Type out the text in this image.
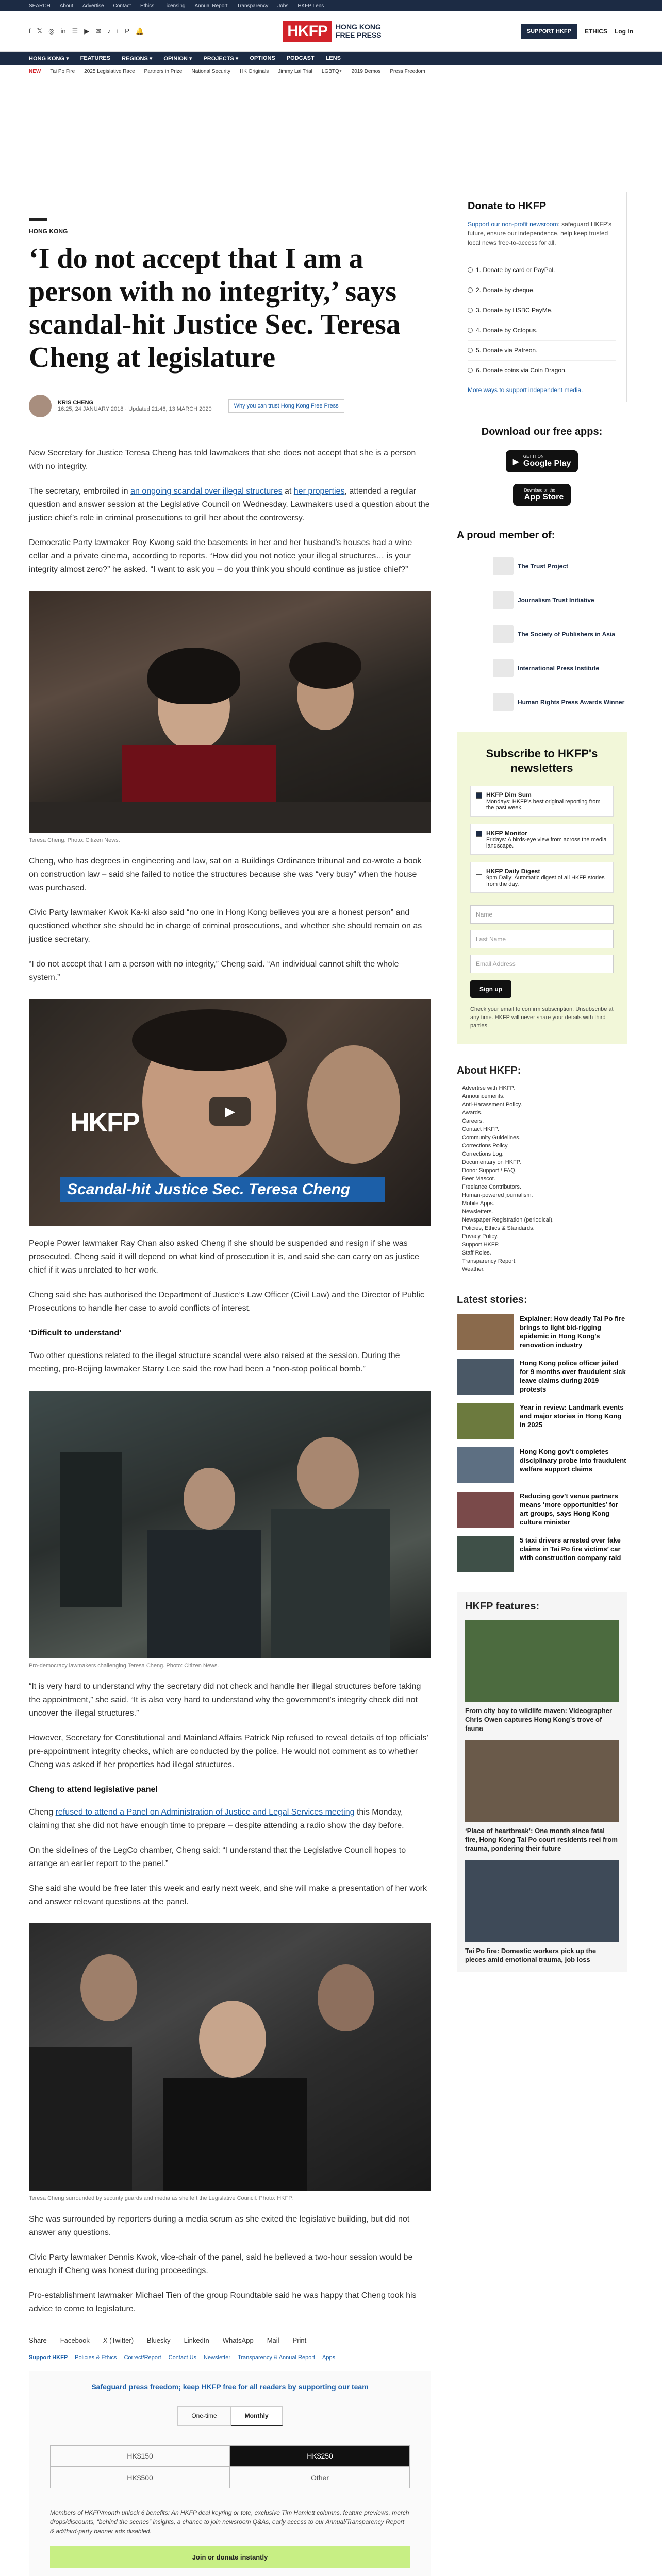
SEARCH About Advertise Contact Ethics Licensing Annual Report Transparency Jobs HKFP Lens
f 𝕏 ◎ in ☰ ▶ ✉ ♪ t P 🔔	HKFP	HONG KONG
FREE PRESS	SUPPORT HKFP	ETHICS Log In
HONG KONG ▾ FEATURES REGIONS ▾ OPINION ▾ PROJECTS ▾ OPTIONS PODCAST LENS
NEW Tai Po Fire 2025 Legislative Race Partners in Prize National Security HK Originals Jimmy Lai Trial LGBTQ+ 2019 Demos Press Freedom
HONG KONG
‘I do not accept that I am a person with no integrity,’ says scandal-hit Justice Sec. Teresa Cheng at legislature
KRIS CHENG
16:25, 24 JANUARY 2018 · Updated 21:46, 13 MARCH 2020	Why you can trust Hong Kong Free Press

New Secretary for Justice Teresa Cheng has told lawmakers that she does not accept that she is a person with no integrity.

The secretary, embroiled in an ongoing scandal over illegal structures at her properties, attended a regular question and answer session at the Legislative Council on Wednesday. Lawmakers used a question about the justice chief’s role in criminal prosecutions to grill her about the controversy.

Democratic Party lawmaker Roy Kwong said the basements in her and her husband’s houses had a wine cellar and a private cinema, according to reports. “How did you not notice your illegal structures… is your integrity almost zero?” he asked. “I want to ask you – do you think you should continue as justice chief?”

Teresa Cheng. Photo: Citizen News.

Cheng, who has degrees in engineering and law, sat on a Buildings Ordinance tribunal and co-wrote a book on construction law – said she failed to notice the structures because she was “very busy” when the house was purchased.

Civic Party lawmaker Kwok Ka-ki also said “no one in Hong Kong believes you are a honest person” and questioned whether she should be in charge of criminal prosecutions, and whether she should remain on as justice secretary.

“I do not accept that I am a person with no integrity,” Cheng said. “An individual cannot shift the whole system.”

HKFP
Scandal-hit Justice Sec. Teresa Cheng
▶

People Power lawmaker Ray Chan also asked Cheng if she should be suspended and resign if she was prosecuted. Cheng said it will depend on what kind of prosecution it is, and said she can carry on as justice chief if it was unrelated to her work.

Cheng said she has authorised the Department of Justice’s Law Officer (Civil Law) and the Director of Public Prosecutions to handle her case to avoid conflicts of interest.

‘Difficult to understand’

Two other questions related to the illegal structure scandal were also raised at the session. During the meeting, pro-Beijing lawmaker Starry Lee said the row had been a “non-stop political bomb.”

Pro-democracy lawmakers challenging Teresa Cheng. Photo: Citizen News.

“It is very hard to understand why the secretary did not check and handle her illegal structures before taking the appointment,” she said. “It is also very hard to understand why the government’s integrity check did not uncover the illegal structures.”

However, Secretary for Constitutional and Mainland Affairs Patrick Nip refused to reveal details of top officials’ pre-appointment integrity checks, which are conducted by the police. He would not comment as to whether Cheng was asked if her properties had illegal structures.

Cheng to attend legislative panel

Cheng refused to attend a Panel on Administration of Justice and Legal Services meeting this Monday, claiming that she did not have enough time to prepare – despite attending a radio show the day before.

On the sidelines of the LegCo chamber, Cheng said: “I understand that the Legislative Council hopes to arrange an earlier report to the panel.”

She said she would be free later this week and early next week, and she will make a presentation of her work and answer relevant questions at the panel.

Teresa Cheng surrounded by security guards and media as she left the Legislative Council. Photo: HKFP.

She was surrounded by reporters during a media scrum as she exited the legislative building, but did not answer any questions.

Civic Party lawmaker Dennis Kwok, vice-chair of the panel, said he believed a two-hour session would be enough if Cheng was honest during proceedings.

Pro-establishment lawmaker Michael Tien of the group Roundtable said he was happy that Cheng took his advice to come to legislature.

Share Facebook X (Twitter) Bluesky LinkedIn WhatsApp Mail Print
Support HKFP Policies & Ethics Correct/Report Contact Us Newsletter Transparency & Annual Report Apps
Safeguard press freedom; keep HKFP free for all readers by supporting our team
One-time	Monthly
HK$150	HK$250
HK$500	Other
Members of HKFP/month unlock 6 benefits: An HKFP deal keyring or tote, exclusive Tim Hamlett columns, feature previews, merch drops/discounts, “behind the scenes” insights, a chance to join newsroom Q&As, early access to our Annual/Transparency Report & ad/third-party banner ads disabled.
Join or donate instantly
Donate to HKFP
Support our non-profit newsroom: safeguard HKFP's future, ensure our independence, help keep trusted local news free-to-access for all.
1. Donate by card or PayPal.
2. Donate by cheque.
3. Donate by HSBC PayMe.
4. Donate by Octopus.
5. Donate via Patreon.
6. Donate coins via Coin Dragon.
More ways to support independent media.
Download our free apps:
▶
GET IT ON
Google Play
Download on the
App Store
A proud member of:
The Trust Project
Journalism Trust Initiative
The Society of Publishers in Asia
International Press Institute
Human Rights Press Awards Winner
Subscribe to HKFP's newsletters
HKFP Dim Sum
Mondays: HKFP's best original reporting from the past week.
HKFP Monitor
Fridays: A birds-eye view from across the media landscape.
HKFP Daily Digest
9pm Daily: Automatic digest of all HKFP stories from the day.
Name
Last Name
Email Address
Sign up
Check your email to confirm subscription. Unsubscribe at any time. HKFP will never share your details with third parties.
About HKFP:
Advertise with HKFP.
Announcements.
Anti-Harassment Policy.
Awards.
Careers.
Contact HKFP.
Community Guidelines.
Corrections Policy.
Corrections Log.
Documentary on HKFP.
Donor Support / FAQ.
Beer Mascot.
Freelance Contributors.
Human-powered journalism.
Mobile Apps.
Newsletters.
Newspaper Registration (periodical).
Policies, Ethics & Standards.
Privacy Policy.
Support HKFP.
Staff Roles.
Transparency Report.
Weather.
Latest stories:
Explainer: How deadly Tai Po fire brings to light bid-rigging epidemic in Hong Kong’s renovation industry
Hong Kong police officer jailed for 9 months over fraudulent sick leave claims during 2019 protests
Year in review: Landmark events and major stories in Hong Kong in 2025
Hong Kong gov’t completes disciplinary probe into fraudulent welfare support claims
Reducing gov’t venue partners means ‘more opportunities’ for art groups, says Hong Kong culture minister
5 taxi drivers arrested over fake claims in Tai Po fire victims’ car with construction company raid
HKFP features:
From city boy to wildlife maven: Videographer Chris Owen captures Hong Kong’s trove of fauna
‘Place of heartbreak’: One month since fatal fire, Hong Kong Tai Po court residents reel from trauma, pondering their future
Tai Po fire: Domestic workers pick up the pieces amid emotional trauma, job loss
